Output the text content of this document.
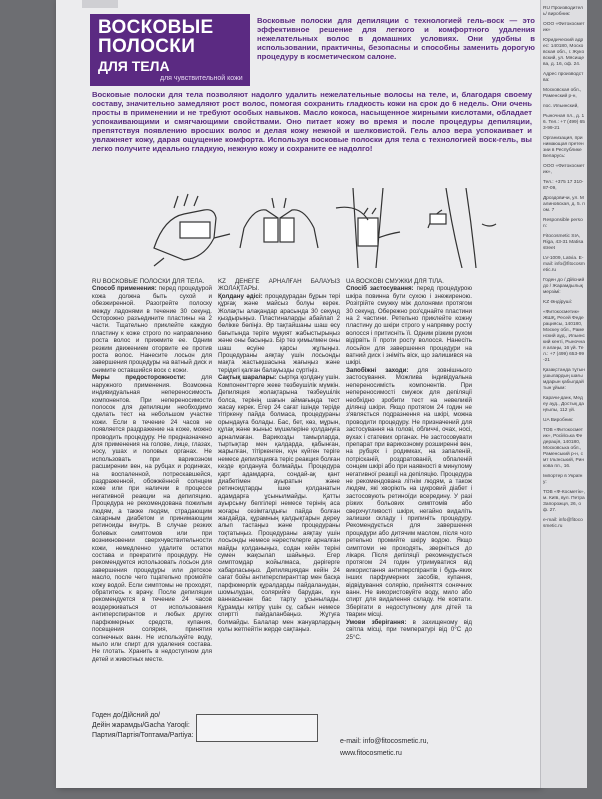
RU Производитель/ виробник:

ООО «Фитокосметик»

Юридический адрес: 140180, Московская обл., г. Жуковский, ул. Мясищева, д. 16, оф. 24.

Адрес производства:

Московская обл., Раменский р-н,

пос. Ильинский,

Рыночная пл., д. 16. Тел.: +7 (499) 653-99-21

Организация, принимающая претензии в Республике Беларусь:

ООО «Фитокосметик»,

Тел.: +375 17 310-87-09,

Дроздовичи, ул. Малиновская, д. 5. пом. 7

Responsible person:

Fitocosmetic SIA, Riga, 43-31 Matisa street

LV-1009, Latvia. E-mail: info@fitocosmetic.ru

Годен до / Дійсний до / Жарамдылық мерзімі:

KZ Өндіруші:

«Фитокосметик» ЖШҚ, Ресей Федерациясы, 140180, Мәскеу обл., Раменский ауд., Ильинский кенті, Рыночная алаңы, 16 үй. Тел.: +7 (499) 653-99-21

Қазақстанда тұтынушылардың шағымдарын қабылдайтын ұйым:

Карачи-данк, Медеу ауд., Достық даңғылы, 112 үй.

UA Виробник:

ТОВ «Фитокосметик», Російська Федерація, 140180, Московська обл., Раменський р-н, смт Ільїнський, Ринкова пл., 16.

Імпортер в Україну:

ТОВ «Ф-Косметік», м. Київ, вул. Петра Запорожця, 26, оф. 27.

e-mail: info@fitocosmetic.ru

ВОСКОВЫЕ
ПОЛОСКИ
ДЛЯ ТЕЛА
для чувствительной кожи

Восковые полоски для депиляции с технологией гель-воск — это эффективное решение для легкого и комфортного удаления нежелательных волос в домашних условиях. Они удобны в использовании, практичны, безопасны и способны заменить дорогую процедуру в косметическом салоне.

Восковые полоски для тела позволяют надолго удалить нежелательные волосы на теле, и, благодаря своему составу, значительно замедляют рост волос, помогая сохранить гладкость кожи на срок до 6 недель. Они очень просты в применении и не требуют особых навыков. Масло кокоса, насыщенное жирными кислотами, обладает успокаивающими и смягчающими свойствами. Оно питает кожу во время и после процедуры депиляции, препятствуя появлению вросших волос и делая кожу нежной и шелковистой. Гель алоэ вера успокаивает и увлажняет кожу, дарая ощущение комфорта. Используя восковые полоски для тела с технологией воск-гель, вы легко получите идеально гладкую, нежную кожу и сохраните ее надолго!

RU ВОСКОВЫЕ ПОЛОСКИ ДЛЯ ТЕЛА.
Способ применения: перед процедурой кожа должна быть сухой и обезжиренной. Разогрейте полоску между ладонями в течение 30 секунд. Осторожно разъедините пластины на 2 части. Тщательно приклейте каждую пластину к коже строго по направлению роста волос и прижмите ее. Одним резким движением оторвите ее против роста волос. Нанесите лосьон для завершения процедуры на ватный диск и снимите оставшийся воск с кожи.
Меры предосторожности:	для наружного применения. Возможна индивидуальная непереносимость компонентов. При непереносимости полосок для депиляции необходимо сделать тест на небольшом участке кожи. Если в течение 24 часов не появляется раздражение на коже, можно проводить процедуру. Не предназначено для применения на голове, лице, глазах, носу, ушах и половых органах. Не использовать при варикозном расширении вен, на рубцах и родинках, на воспаленной, потрескавшейся, раздраженной, обожжённой солнцем коже или при наличии в процессе негативной реакции на депиляцию. Процедура не рекомендована пожилым людям, а также людям, страдающим сахарным диабетом и принимающим ретиноиды внутрь. В случае резких болевых симптомов или при возникновении сверхчувствительности кожи, немедленно удалите остатки состава и прекратите процедуру. Не рекомендуется использовать лосьон для завершения процедуры или детское масло, после чего тщательно промойте кожу водой. Если симптомы не проходят, обратитесь к врачу. После депиляции рекомендуется в течение 24 часов воздерживаться от использования антиперспирантов и любых других парфюмерных средств, купания, посещения солярия, принятия солнечных ванн. Не используйте воду, мыло или спирт для удаления состава. Не глотать. Хранить в недоступном для детей и животных месте.

KZ ДЕНЕГЕ АРНАЛҒАН БАЛАУЫЗ ЖОЛАҚТАРЫ.
Қолдану әдісі: процедурадан бұрын тері құрғақ және майсыз болуы керек. Жолақты алақандар арасында 30 секунд қыздырыңыз. Пластиналарды абайлап 2 бөлікке бөліңіз. Әр тақтайшаны шаш өсу бағытында теріге мұқият жабыстырыңыз және оны басыңыз. Бір тез қимылмен оны шаш өсуіне қарсы жұлыңыз. Процедураны аяқтау үшін лосьонды мақта жастықшасына жағыңыз және терідегі қалған балауызды сүртіңіз.
Сақтық шаралары: сыртқа қолдану үшін. Компоненттерге жеке төзбеушілік мүмкін. Депиляция жолақтарына төзбеушілік болса, терінің шағын аймағында тест жасау керек. Егер 24 сағат ішінде теріде тітіркену пайда болмаса, процедураны орындауға болады. Бас, бет, көз, мұрын, құлақ және жыныс мүшелеріне қолдануға арналмаған. Варикозды тамырларда, тыртықтар мен қалдарда, қабынған, жарылған, тітіркенген, күн күйген теріге немесе депиляцияға теріс реакция болған кезде қолдануға болмайды. Процедура қарт адамдарға, сондай-ақ қант диабетімен ауыратын және ретиноидтарды ішке қолданатын адамдарға ұсынылмайды. Қатты ауырсыну белгілері немесе терінің аса жоғары сезімталдығы пайда болған жағдайда, құрамның қалдықтарын дереу алып тастаңыз және процедураны тоқтатыңыз. Процедураны аяқтау үшін лосьонды немесе нәрестелерге арналған майды қолданыңыз, содан кейін теріні сумен жақсылап шайыңыз. Егер симптомдар жойылмаса, дәрігерге хабарласыңыз. Депиляциядан кейін 24 сағат бойы антиперспиранттар мен басқа парфюмерлік құралдарды пайдаланудан, шомылудан, солярийге барудан, күн ваннасынан бас тарту ұсынылады. Құрамды кетіру үшін су, сабын немесе спиртті пайдаланбаңыз. Жұтуға болмайды. Балалар мен жануарлардың қолы жетпейтін жерде сақтаңыз.

UA ВОСКОВІ СМУЖКИ ДЛЯ ТІЛА.
Спосіб застосування: перед процедурою шкіра повинна бути сухою і знежиреною. Розігрійте смужку між долонями протягом 30 секунд. Обережно роз'єднайте пластини на 2 частини. Ретельно приклейте кожну пластину до шкіри строго у напрямку росту волосся і притисніть її. Одним різким рухом відірвіть її проти росту волосся. Нанесіть лосьйон для завершення процедури на ватний диск і зніміть віск, що залишився на шкірі.
Запобіжні заходи: для зовнішнього застосування. Можлива індивідуальна непереносимість компонентів. При непереносимості смужок для депіляції необхідно зробити тест на невеликій ділянці шкіри. Якщо протягом 24 годин не з'являється подразнення на шкірі, можна проводити процедуру. Не призначений для застосування на голові, обличчі, очах, носі, вухах і статевих органах. Не застосовувати препарат при варикозному розширенні вен, на рубцях і родимках, на запаленій, потрісканій, роздратованій, обпаленій сонцем шкірі або при наявності в минулому негативної реакції на депіляцію. Процедура не рекомендована літнім людям, а також людям, які хворіють на цукровий діабет і застосовують ретиноїди всередину. У разі різких больових симптомів або сверхчутливості шкіри, негайно видаліть залишки складу і припиніть процедуру. Рекомендується для завершення процедури або дитячим маслом, після чого ретельно промийте шкіру водою. Якщо симптоми не проходять, зверніться до лікаря. Після депіляції рекомендується протягом 24 годин утримуватися від використання антиперспірантів і будь-яких інших парфумерних засобів, купання, відвідування солярію, прийняття сонячних ванн. Не використовуйте воду, мило або спирт для видалення складу. Не ковтати. Зберігати в недоступному для дітей та тварин місці.
Умови зберігання: в захищеному від світла місці, при температурі від 0°С до 25°С.

Годен до/Дійсний до/
Дейін жарамды/Gacha Yaroqli:
Партия/Партія/Топтама/Partiya:
e-mail: info@fitocosmetic.ru,
www.fitocosmetic.ru
